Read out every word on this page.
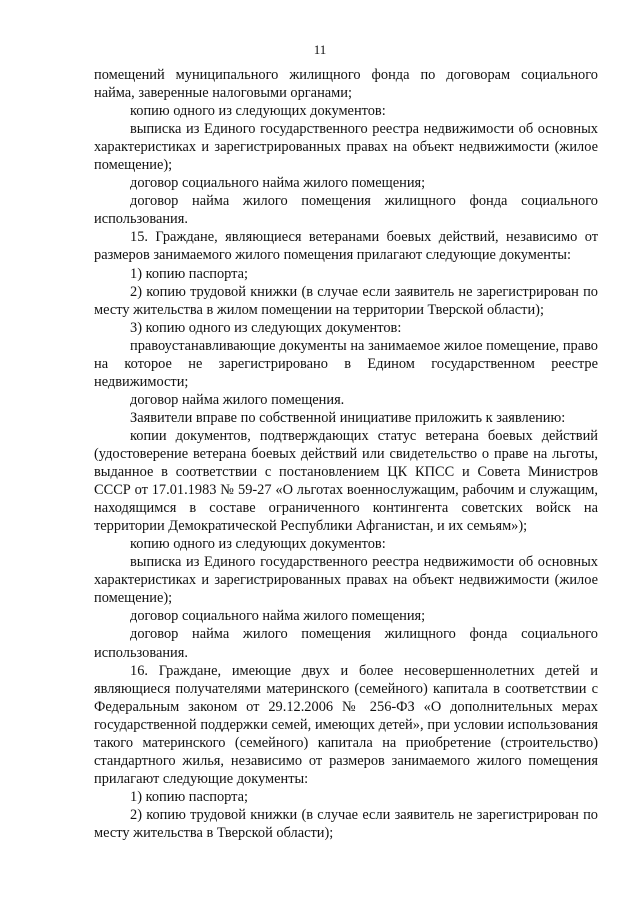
11

помещений муниципального жилищного фонда по договорам социального найма, заверенные налоговыми органами;

копию одного из следующих документов:

выписка из Единого государственного реестра недвижимости об основных характеристиках и зарегистрированных правах на объект недвижимости (жилое помещение);

договор социального найма жилого помещения;

договор найма жилого помещения жилищного фонда социального использования.

15. Граждане, являющиеся ветеранами боевых действий, независимо от размеров занимаемого жилого помещения прилагают следующие документы:

1) копию паспорта;

2) копию трудовой книжки (в случае если заявитель не зарегистрирован по месту жительства в жилом помещении на территории Тверской области);

3) копию одного из следующих документов:

правоустанавливающие документы на занимаемое жилое помещение, право на которое не зарегистрировано в Едином государственном реестре недвижимости;

договор найма жилого помещения.

Заявители вправе по собственной инициативе приложить к заявлению:

копии документов, подтверждающих статус ветерана боевых действий (удостоверение ветерана боевых действий или свидетельство о праве на льготы, выданное в соответствии с постановлением ЦК КПСС и Совета Министров СССР от 17.01.1983 № 59-27 «О льготах военнослужащим, рабочим и служащим, находящимся в составе ограниченного контингента советских войск на территории Демократической Республики Афганистан, и их семьям»);

копию одного из следующих документов:

выписка из Единого государственного реестра недвижимости об основных характеристиках и зарегистрированных правах на объект недвижимости (жилое помещение);

договор социального найма жилого помещения;

договор найма жилого помещения жилищного фонда социального использования.

16. Граждане, имеющие двух и более несовершеннолетних детей и являющиеся получателями материнского (семейного) капитала в соответствии с Федеральным законом от 29.12.2006 № 256-ФЗ «О дополнительных мерах государственной поддержки семей, имеющих детей», при условии использования такого материнского (семейного) капитала на приобретение (строительство) стандартного жилья, независимо от размеров занимаемого жилого помещения прилагают следующие документы:

1) копию паспорта;

2) копию трудовой книжки (в случае если заявитель не зарегистрирован по месту жительства в Тверской области);
